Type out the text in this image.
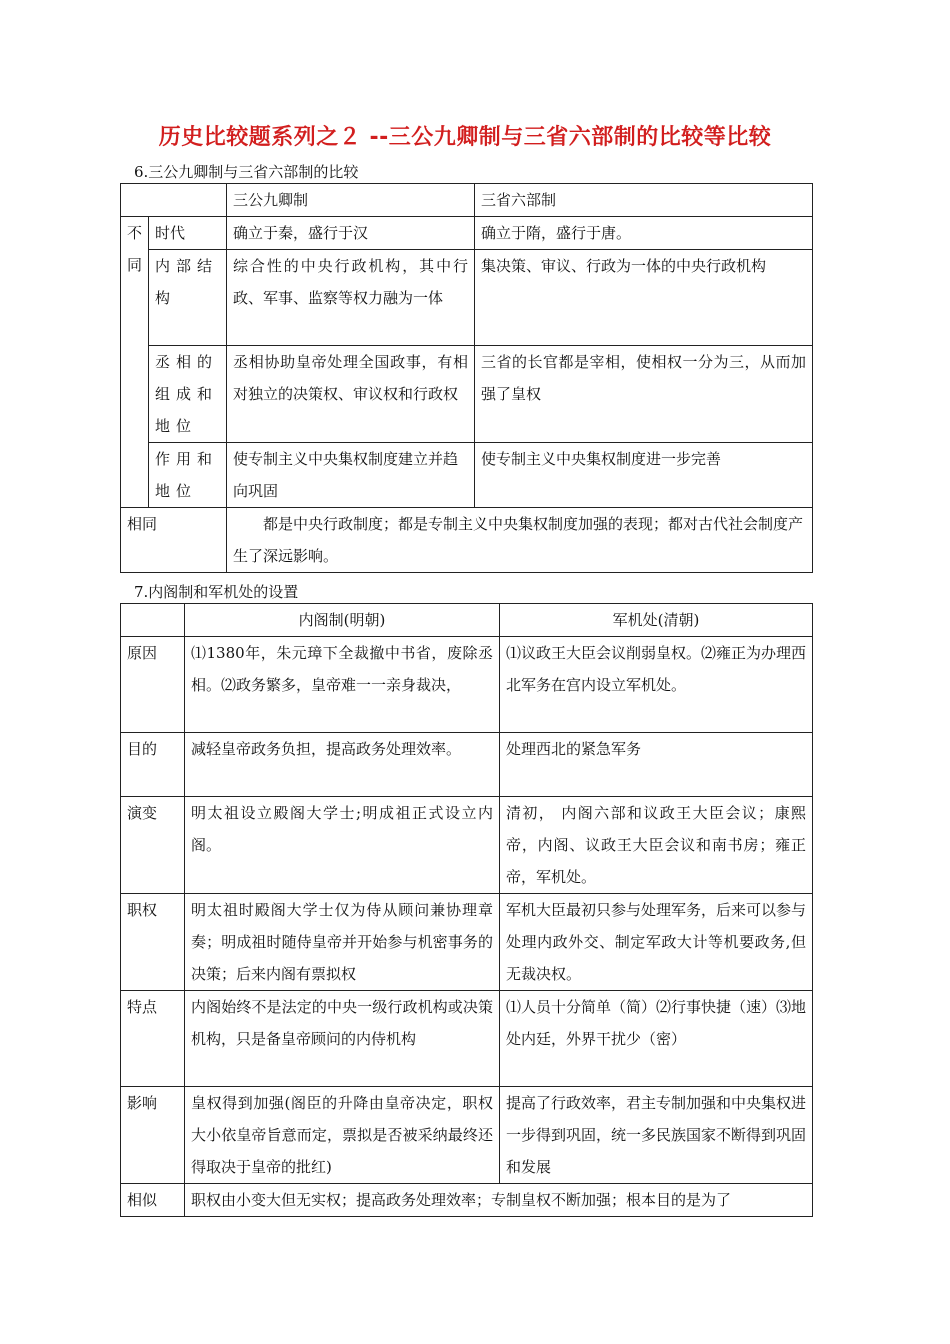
历史比较题系列之２ --三公九卿制与三省六部制的比较等比较
6.三公九卿制与三省六部制的比较
		三公九卿制	三省六部制

不同	时代	确立于秦，盛行于汉	确立于隋，盛行于唐。
	内部结构	综合性的中央行政机构，其中行政、军事、监察等权力融为一体	集决策、审议、行政为一体的中央行政机构
	丞相的组成和地位	丞相协助皇帝处理全国政事，有相对独立的决策权、审议权和行政权	三省的长官都是宰相，使相权一分为三，从而加强了皇权
	作用和地位	使专制主义中央集权制度建立并趋向巩固	使专制主义中央集权制度进一步完善
相同		都是中央行政制度；都是专制主义中央集权制度加强的表现；都对古代社会制度产生了深远影响。	
7.内阁制和军机处的设置
	内阁制(明朝)	军机处(清朝)
原因	⑴1380年，朱元璋下全裁撤中书省，废除丞相。⑵政务繁多，皇帝难一一亲身裁决，	⑴议政王大臣会议削弱皇权。⑵雍正为办理西北军务在宫内设立军机处。
目的	减轻皇帝政务负担，提高政务处理效率。	处理西北的紧急军务
演变	明太祖设立殿阁大学士;明成祖正式设立内阁。	清初， 内阁六部和议政王大臣会议；康熙帝，内阁、议政王大臣会议和南书房；雍正帝，军机处。
职权	明太祖时殿阁大学士仅为侍从顾问兼协理章奏；明成祖时随侍皇帝并开始参与机密事务的决策；后来内阁有票拟权	军机大臣最初只参与处理军务，后来可以参与处理内政外交、制定军政大计等机要政务,但无裁决权。
特点	内阁始终不是法定的中央一级行政机构或决策机构，只是备皇帝顾问的内侍机构	⑴人员十分简单（简）⑵行事快捷（速）⑶地处内廷，外界干扰少（密）
影响	皇权得到加强(阁臣的升降由皇帝决定，职权大小依皇帝旨意而定，票拟是否被采纳最终还得取决于皇帝的批红)	提高了行政效率，君主专制加强和中央集权进一步得到巩固，统一多民族国家不断得到巩固和发展
相似	职权由小变大但无实权；提高政务处理效率；专制皇权不断加强；根本目的是为了	
